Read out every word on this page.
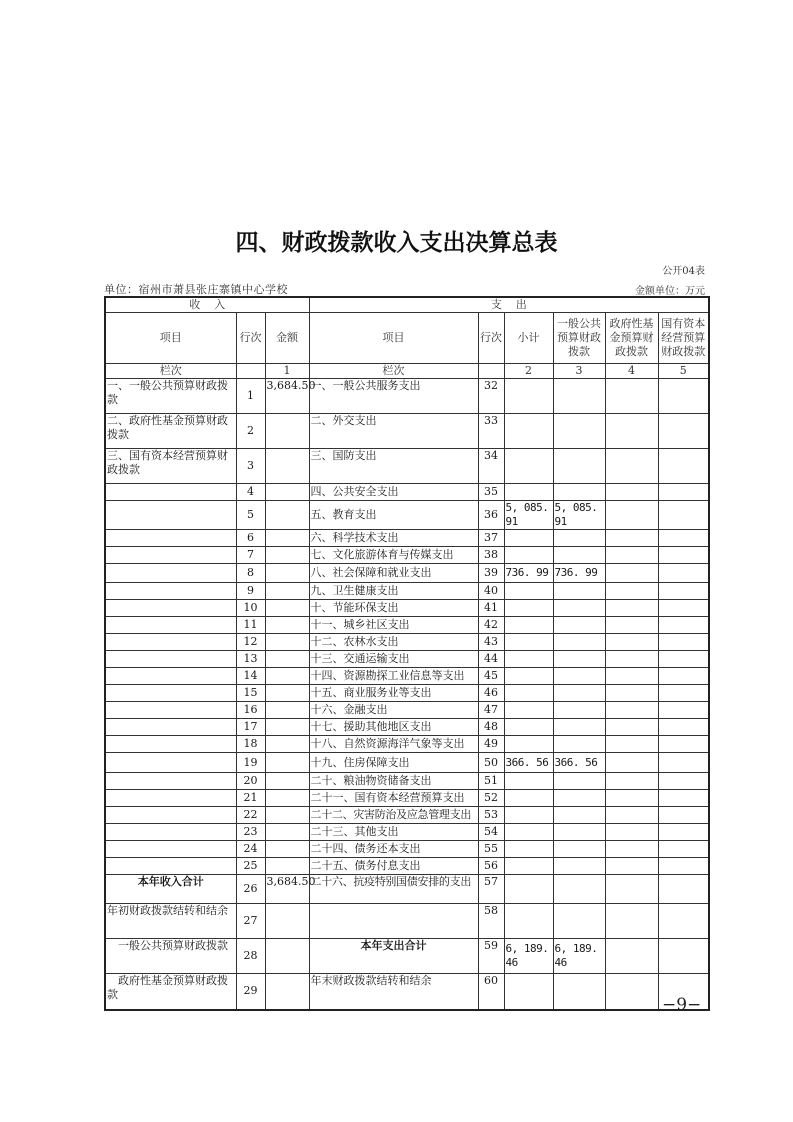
四、财政拨款收入支出决算总表
公开04表
单位：宿州市萧县张庄寨镇中心学校	金额单位：万元
收    入			支    出					
项目	行次	金额	项目	行次	小计	一般公共预算财政拨款	政府性基金预算财政拨款	国有资本经营预算财政拨款
栏次		1	栏次		2	3	4	5
一、一般公共预算财政拨款	1	3,684.50	一、一般公共服务支出	32				
二、政府性基金预算财政拨款	2		二、外交支出	33				
三、国有资本经营预算财政拨款	3		三、国防支出	34				
	4		四、公共安全支出	35				
	5		五、教育支出	36	5, 085. 91	5, 085. 91		
	6		六、科学技术支出	37				
	7		七、文化旅游体育与传媒支出	38				
	8		八、社会保障和就业支出	39	736. 99	736. 99		
	9		九、卫生健康支出	40				
	10		十、节能环保支出	41				
	11		十一、城乡社区支出	42				
	12		十二、农林水支出	43				
	13		十三、交通运输支出	44				
	14		十四、资源勘探工业信息等支出	45				
	15		十五、商业服务业等支出	46				
	16		十六、金融支出	47				
	17		十七、援助其他地区支出	48				
	18		十八、自然资源海洋气象等支出	49				
	19		十九、住房保障支出	50	366. 56	366. 56		
	20		二十、粮油物资储备支出	51				
	21		二十一、国有资本经营预算支出	52				
	22		二十二、灾害防治及应急管理支出	53				
	23		二十三、其他支出	54				
	24		二十四、债务还本支出	55				
	25		二十五、债务付息支出	56				
本年收入合计	26	3,684.50	二十六、抗疫特别国债安排的支出	57				
年初财政拨款结转和结余	27			58				
　一般公共预算财政拨款	28		本年支出合计	59	6, 189. 46	6, 189. 46		
　政府性基金预算财政拨款	29		年末财政拨款结转和结余	60				
−9−
